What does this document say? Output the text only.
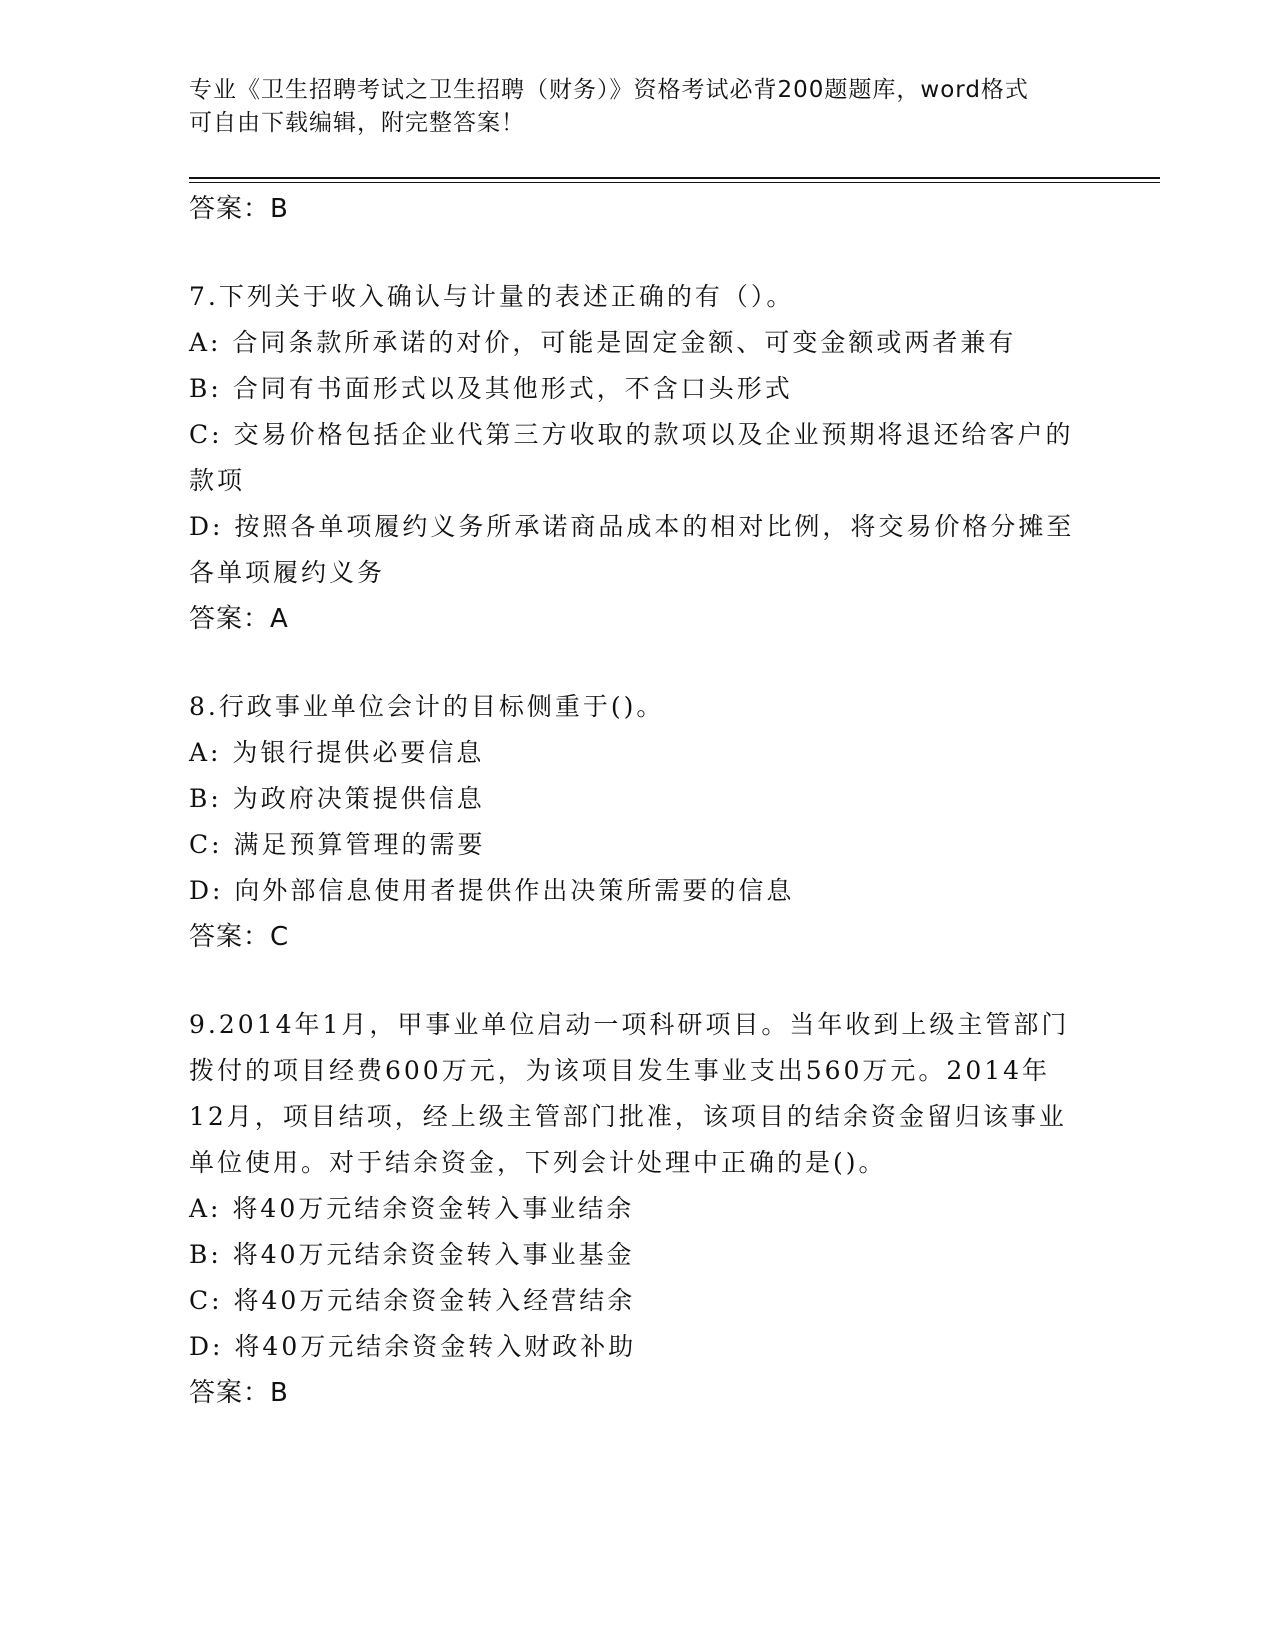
专业《卫生招聘考试之卫生招聘（财务）》资格考试必背200题题库，word格式

可自由下载编辑，附完整答案！

答案：B

7.下列关于收入确认与计量的表述正确的有（）。

A: 合同条款所承诺的对价，可能是固定金额、可变金额或两者兼有

B: 合同有书面形式以及其他形式，不含口头形式

C: 交易价格包括企业代第三方收取的款项以及企业预期将退还给客户的款项

D: 按照各单项履约义务所承诺商品成本的相对比例，将交易价格分摊至各单项履约义务

答案：A

8.行政事业单位会计的目标侧重于()。

A: 为银行提供必要信息

B: 为政府决策提供信息

C: 满足预算管理的需要

D: 向外部信息使用者提供作出决策所需要的信息

答案：C

9.2014年1月，甲事业单位启动一项科研项目。当年收到上级主管部门拨付的项目经费600万元，为该项目发生事业支出560万元。2014年12月，项目结项，经上级主管部门批准，该项目的结余资金留归该事业单位使用。对于结余资金，下列会计处理中正确的是()。

A: 将40万元结余资金转入事业结余

B: 将40万元结余资金转入事业基金

C: 将40万元结余资金转入经营结余

D: 将40万元结余资金转入财政补助

答案：B
